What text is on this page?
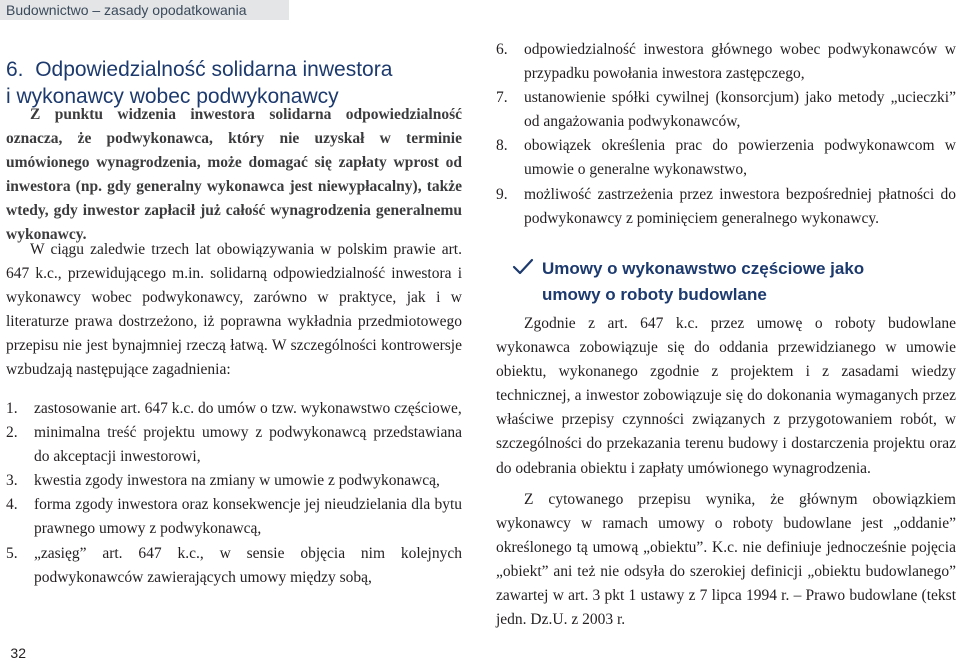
Budownictwo – zasady opodatkowania
6. Odpowiedzialność solidarna inwestora
i wykonawcy wobec podwykonawcy
Z punktu widzenia inwestora solidarna odpowiedzialność oznacza, że podwykonawca, który nie uzyskał w terminie umówionego wynagrodzenia, może domagać się zapłaty wprost od inwestora (np. gdy generalny wykonawca jest niewypłacalny), także wtedy, gdy inwestor zapłacił już całość wynagrodzenia generalnemu wykonawcy.
W ciągu zaledwie trzech lat obowiązywania w polskim prawie art. 647 k.c., przewidującego m.in. solidarną odpowiedzialność inwestora i wykonawcy wobec podwykonawcy, zarówno w praktyce, jak i w literaturze prawa dostrzeżono, iż poprawna wykładnia przedmiotowego przepisu nie jest bynajmniej rzeczą łatwą. W szczególności kontrowersje wzbudzają następujące zagadnienia:
1.	zastosowanie art. 647 k.c. do umów o tzw. wykonawstwo częściowe,
2.	minimalna treść projektu umowy z podwykonawcą przedstawiana do akceptacji inwestorowi,
3.	kwestia zgody inwestora na zmiany w umowie z podwykonawcą,
4.	forma zgody inwestora oraz konsekwencje jej nieudzielania dla bytu prawnego umowy z podwykonawcą,
5.	„zasięg” art. 647 k.c., w sensie objęcia nim kolejnych podwykonawców zawierających umowy między sobą,
6.	odpowiedzialność inwestora głównego wobec podwykonawców w przypadku powołania inwestora zastępczego,
7.	ustanowienie spółki cywilnej (konsorcjum) jako metody „ucieczki” od angażowania podwykonawców,
8.	obowiązek określenia prac do powierzenia podwykonawcom w umowie o generalne wykonawstwo,
9.	możliwość zastrzeżenia przez inwestora bezpośredniej płatności do podwykonawcy z pominięciem generalnego wykonawcy.
Umowy o wykonawstwo częściowe jako
umowy o roboty budowlane
Zgodnie z art. 647 k.c. przez umowę o roboty budowlane wykonawca zobowiązuje się do oddania przewidzianego w umowie obiektu, wykonanego zgodnie z projektem i z zasadami wiedzy technicznej, a inwestor zobowiązuje się do dokonania wymaganych przez właściwe przepisy czynności związanych z przygotowaniem robót, w szczególności do przekazania terenu budowy i dostarczenia projektu oraz do odebrania obiektu i zapłaty umówionego wynagrodzenia.
Z cytowanego przepisu wynika, że głównym obowiązkiem wykonawcy w ramach umowy o roboty budowlane jest „oddanie” określonego tą umową „obiektu”. K.c. nie definiuje jednocześnie pojęcia „obiekt” ani też nie odsyła do szerokiej definicji „obiektu budowlanego” zawartej w art. 3 pkt 1 ustawy z 7 lipca 1994 r. – Prawo budowlane (tekst jedn. Dz.U. z 2003 r.
32
